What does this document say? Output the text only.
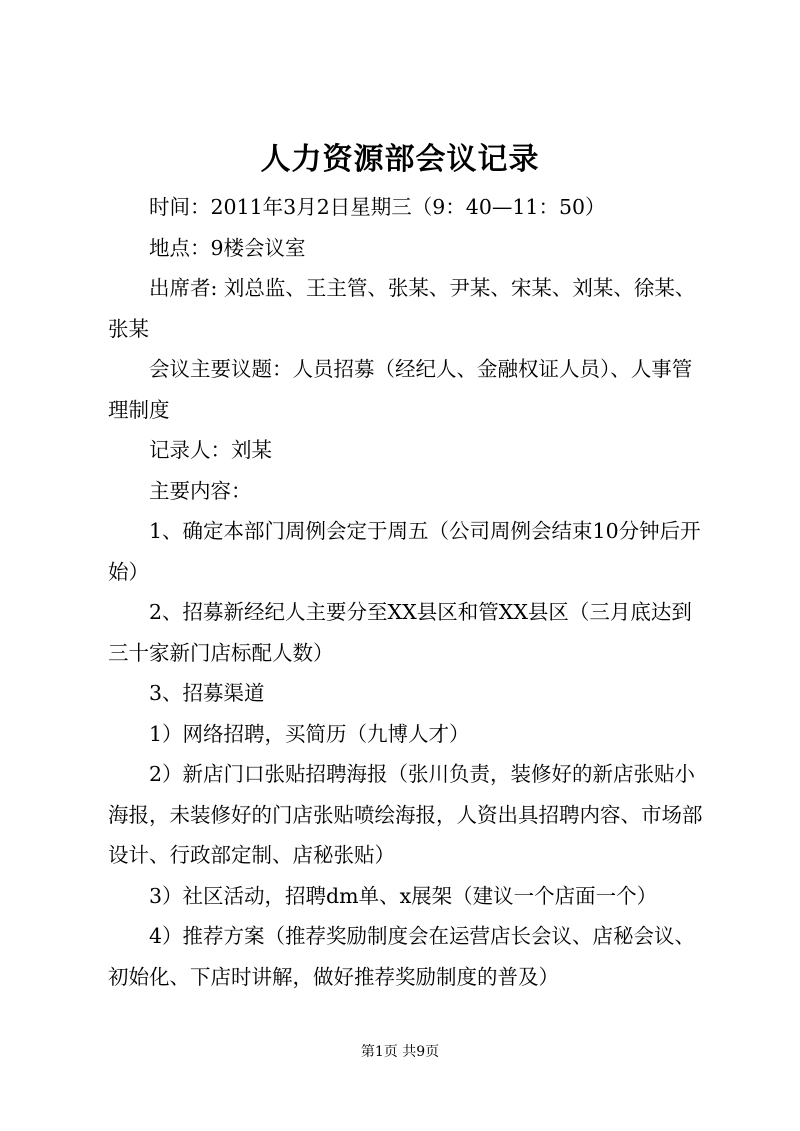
人力资源部会议记录

时间：2011年3月2日星期三（9：40—11：50）

地点：9楼会议室

出席者: 刘总监、王主管、张某、尹某、宋某、刘某、徐某、张某

会议主要议题：人员招募（经纪人、金融权证人员）、人事管理制度

记录人：刘某

主要内容：

1、确定本部门周例会定于周五（公司周例会结束10分钟后开始）

2、招募新经纪人主要分至XX县区和管XX县区（三月底达到三十家新门店标配人数）

3、招募渠道

1）网络招聘，买简历（九博人才）

2）新店门口张贴招聘海报（张川负责，装修好的新店张贴小海报，未装修好的门店张贴喷绘海报，人资出具招聘内容、市场部设计、行政部定制、店秘张贴）

3）社区活动，招聘dm单、x展架（建议一个店面一个）

4）推荐方案（推荐奖励制度会在运营店长会议、店秘会议、初始化、下店时讲解，做好推荐奖励制度的普及）

第1页 共9页
